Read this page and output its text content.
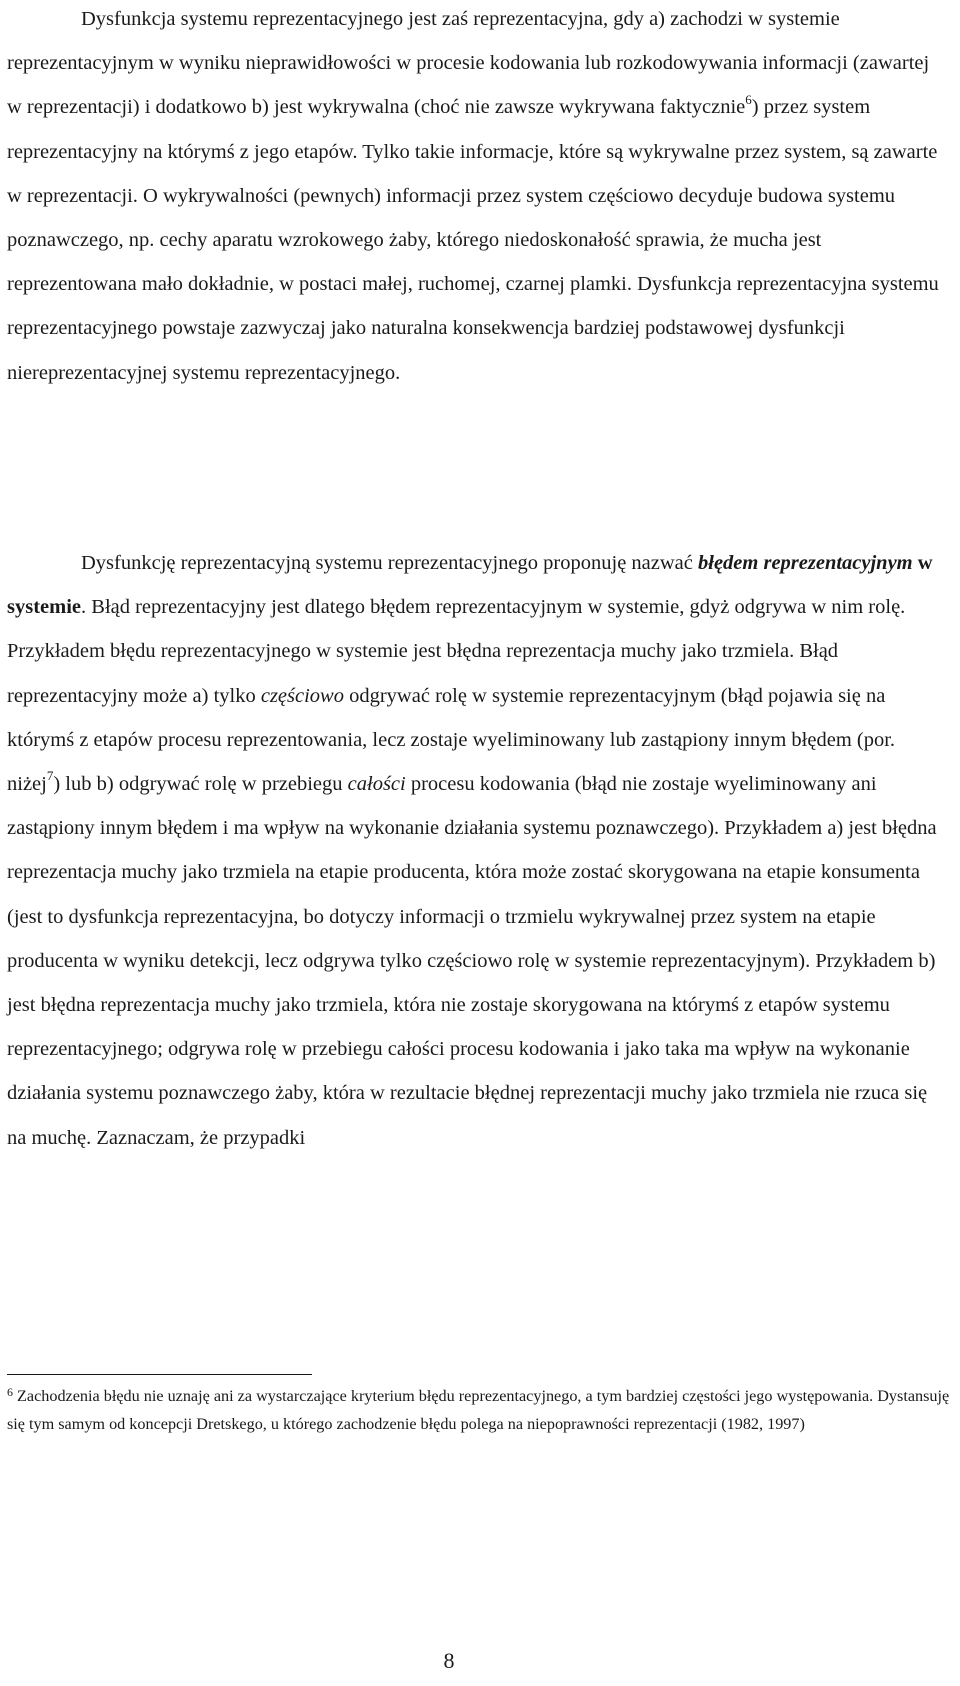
Dysfunkcja systemu reprezentacyjnego jest zaś reprezentacyjna, gdy a) zachodzi w systemie reprezentacyjnym w wyniku nieprawidłowości w procesie kodowania lub rozkodowywania informacji (zawartej w reprezentacji) i dodatkowo b) jest wykrywalna (choć nie zawsze wykrywana faktycznie$^6$) przez system reprezentacyjny na którymś z jego etapów. Tylko takie informacje, które są wykrywalne przez system, są zawarte w reprezentacji. O wykrywalności (pewnych) informacji przez system częściowo decyduje budowa systemu poznawczego, np. cechy aparatu wzrokowego żaby, którego niedoskonałość sprawia, że mucha jest reprezentowana mało dokładnie, w postaci małej, ruchomej, czarnej plamki. Dysfunkcja reprezentacyjna systemu reprezentacyjnego powstaje zazwyczaj jako naturalna konsekwencja bardziej podstawowej dysfunkcji niereprezentacyjnej systemu reprezentacyjnego.

Dysfunkcję reprezentacyjną systemu reprezentacyjnego proponuję nazwać błędem reprezentacyjnym w systemie. Błąd reprezentacyjny jest dlatego błędem reprezentacyjnym w systemie, gdyż odgrywa w nim rolę. Przykładem błędu reprezentacyjnego w systemie jest błędna reprezentacja muchy jako trzmiela. Błąd reprezentacyjny może a) tylko częściowo odgrywać rolę w systemie reprezentacyjnym (błąd pojawia się na którymś z etapów procesu reprezentowania, lecz zostaje wyeliminowany lub zastąpiony innym błędem (por. niżej$^7$) lub b) odgrywać rolę w przebiegu całości procesu kodowania (błąd nie zostaje wyeliminowany ani zastąpiony innym błędem i ma wpływ na wykonanie działania systemu poznawczego). Przykładem a) jest błędna reprezentacja muchy jako trzmiela na etapie producenta, która może zostać skorygowana na etapie konsumenta (jest to dysfunkcja reprezentacyjna, bo dotyczy informacji o trzmielu wykrywalnej przez system na etapie producenta w wyniku detekcji, lecz odgrywa tylko częściowo rolę w systemie reprezentacyjnym). Przykładem b) jest błędna reprezentacja muchy jako trzmiela, która nie zostaje skorygowana na którymś z etapów systemu reprezentacyjnego; odgrywa rolę w przebiegu całości procesu kodowania i jako taka ma wpływ na wykonanie działania systemu poznawczego żaby, która w rezultacie błędnej reprezentacji muchy jako trzmiela nie rzuca się na muchę. Zaznaczam, że przypadki

$^6$ Zachodzenia błędu nie uznaję ani za wystarczające kryterium błędu reprezentacyjnego, a tym bardziej częstości jego występowania. Dystansuję się tym samym od koncepcji Dretskego, u którego zachodzenie błędu polega na niepoprawności reprezentacji (1982, 1997)

8
